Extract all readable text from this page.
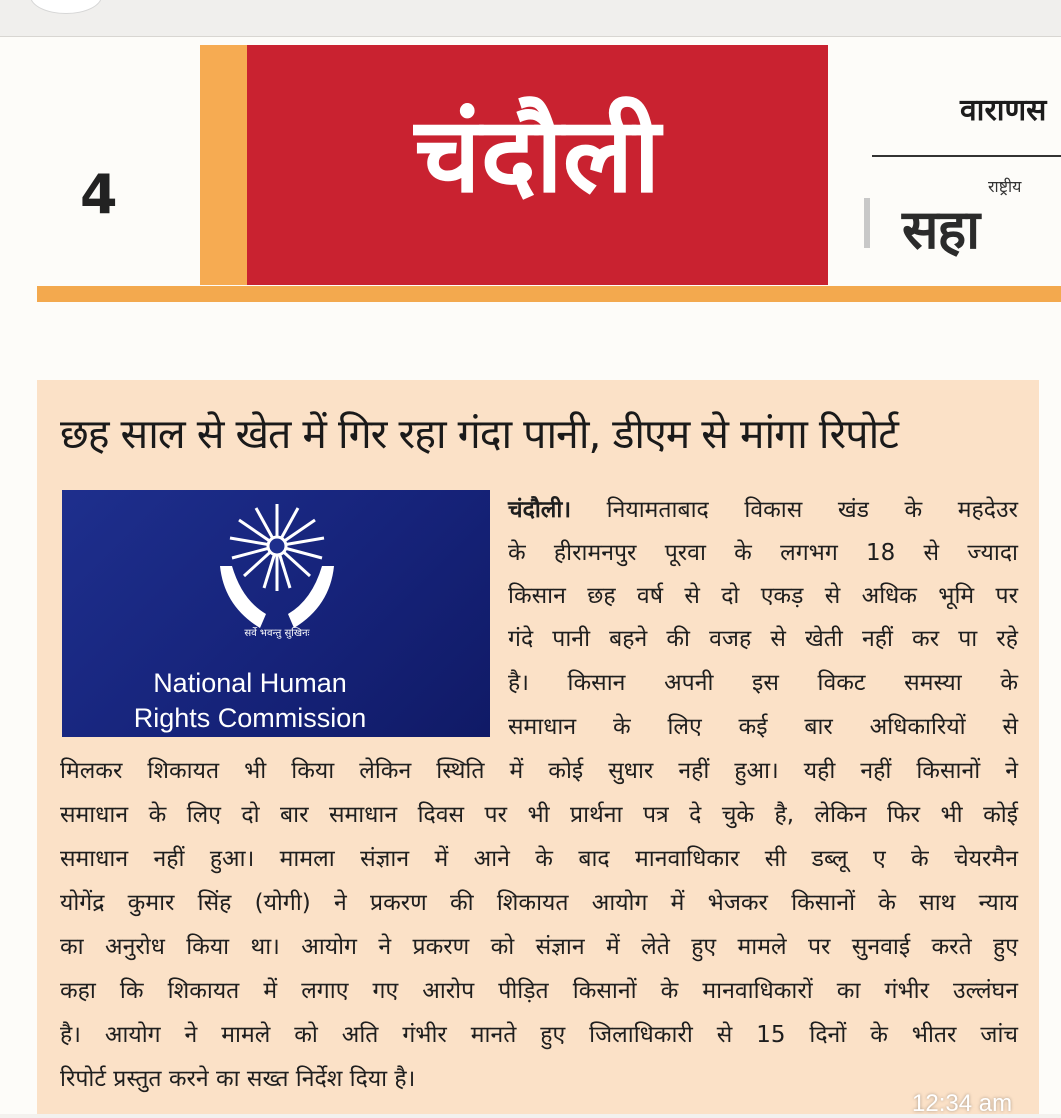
4	चंदौली	वाराणस
राष्ट्रीय
सहा
छह साल से खेत में गिर रहा गंदा पानी, डीएम से मांगा रिपोर्ट
सर्वे भवन्तु सुखिनः
National Human
Rights Commission
चंदौली। नियामताबाद विकास खंड के महदेउर
के हीरामनपुर पूरवा के लगभग 18 से ज्यादा
किसान छह वर्ष से दो एकड़ से अधिक भूमि पर
गंदे पानी बहने की वजह से खेती नहीं कर पा रहे
है। किसान अपनी इस विकट समस्या के
समाधान के लिए कई बार अधिकारियों से
मिलकर शिकायत भी किया लेकिन स्थिति में कोई सुधार नहीं हुआ। यही नहीं किसानों ने
समाधान के लिए दो बार समाधान दिवस पर भी प्रार्थना पत्र दे चुके है, लेकिन फिर भी कोई
समाधान नहीं हुआ। मामला संज्ञान में आने के बाद मानवाधिकार सी डब्लू ए के चेयरमैन
योगेंद्र कुमार सिंह (योगी) ने प्रकरण की शिकायत आयोग में भेजकर किसानों के साथ न्याय
का अनुरोध किया था। आयोग ने प्रकरण को संज्ञान में लेते हुए मामले पर सुनवाई करते हुए
कहा कि शिकायत में लगाए गए आरोप पीड़ित किसानों के मानवाधिकारों का गंभीर उल्लंघन
है। आयोग ने मामले को अति गंभीर मानते हुए जिलाधिकारी से 15 दिनों के भीतर जांच
रिपोर्ट प्रस्तुत करने का सख्त निर्देश दिया है।
12:34 am
